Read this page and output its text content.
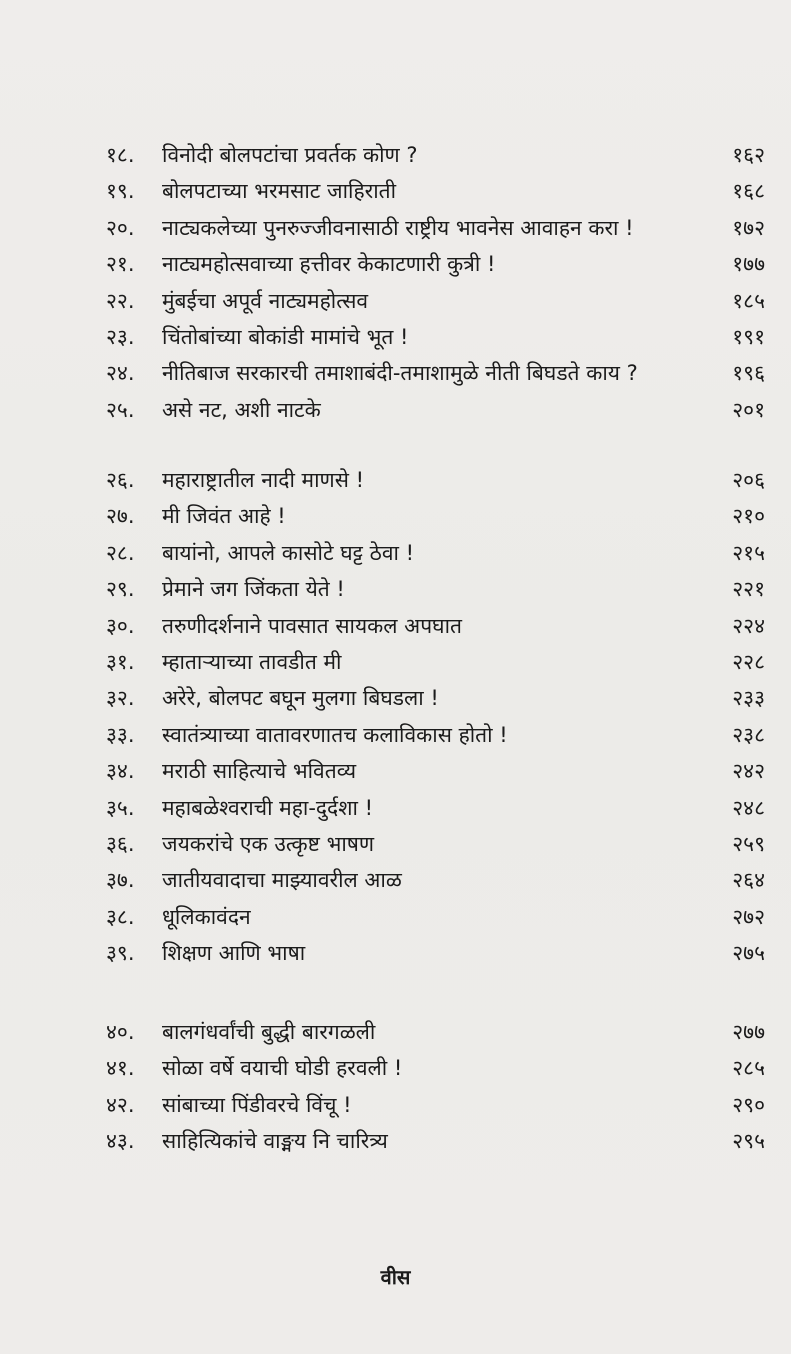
१८. विनोदी बोलपटांचा प्रवर्तक कोण ?	१६२
१९. बोलपटाच्या भरमसाट जाहिराती	१६८
२०. नाट्यकलेच्या पुनरुज्जीवनासाठी राष्ट्रीय भावनेस आवाहन करा !	१७२
२१. नाट्यमहोत्सवाच्या हत्तीवर केकाटणारी कुत्री !	१७७
२२. मुंबईचा अपूर्व नाट्यमहोत्सव	१८५
२३. चिंतोबांच्या बोकांडी मामांचे भूत !	१९१
२४. नीतिबाज सरकारची तमाशाबंदी-तमाशामुळे नीती बिघडते काय ?	१९६
२५. असे नट, अशी नाटके	२०१
२६. महाराष्ट्रातील नादी माणसे !	२०६
२७. मी जिवंत आहे !	२१०
२८. बायांनो, आपले कासोटे घट्ट ठेवा !	२१५
२९. प्रेमाने जग जिंकता येते !	२२१
३०. तरुणीदर्शनाने पावसात सायकल अपघात	२२४
३१. म्हाताऱ्याच्या तावडीत मी	२२८
३२. अरेरे, बोलपट बघून मुलगा बिघडला !	२३३
३३. स्वातंत्र्याच्या वातावरणातच कलाविकास होतो !	२३८
३४. मराठी साहित्याचे भवितव्य	२४२
३५. महाबळेश्वराची महा-दुर्दशा !	२४८
३६. जयकरांचे एक उत्कृष्ट भाषण	२५९
३७. जातीयवादाचा माझ्यावरील आळ	२६४
३८. धूलिकावंदन	२७२
३९. शिक्षण आणि भाषा	२७५
४०. बालगंधर्वांची बुद्धी बारगळली	२७७
४१. सोळा वर्षे वयाची घोडी हरवली !	२८५
४२. सांबाच्या पिंडीवरचे विंचू !	२९०
४३. साहित्यिकांचे वाङ्मय नि चारित्र्य	२९५
वीस
